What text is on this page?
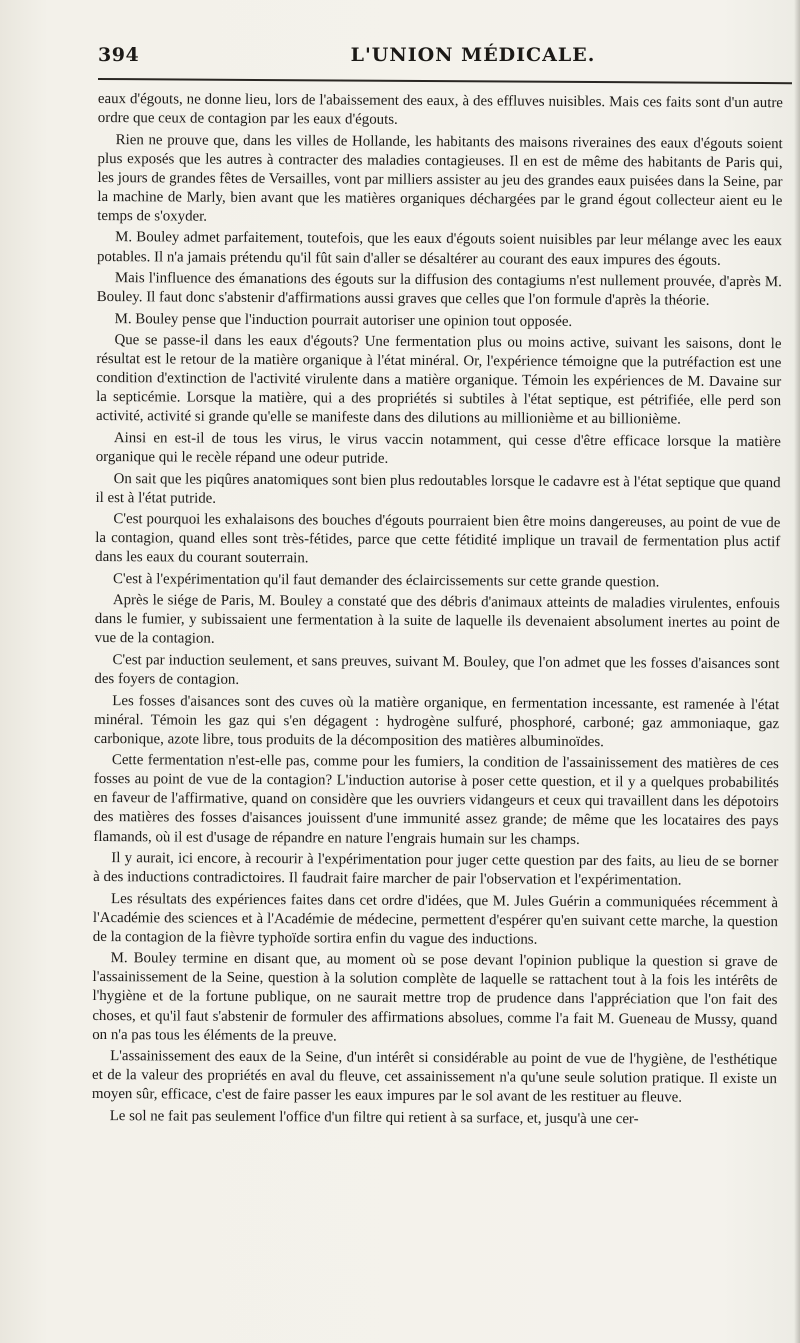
394	L'UNION MÉDICALE.

eaux d'égouts, ne donne lieu, lors de l'abaissement des eaux, à des effluves nuisibles. Mais ces faits sont d'un autre ordre que ceux de contagion par les eaux d'égouts.

Rien ne prouve que, dans les villes de Hollande, les habitants des maisons riveraines des eaux d'égouts soient plus exposés que les autres à contracter des maladies contagieuses. Il en est de même des habitants de Paris qui, les jours de grandes fêtes de Versailles, vont par milliers assister au jeu des grandes eaux puisées dans la Seine, par la machine de Marly, bien avant que les matières organiques déchargées par le grand égout collecteur aient eu le temps de s'oxyder.

M. Bouley admet parfaitement, toutefois, que les eaux d'égouts soient nuisibles par leur mélange avec les eaux potables. Il n'a jamais prétendu qu'il fût sain d'aller se désaltérer au courant des eaux impures des égouts.

Mais l'influence des émanations des égouts sur la diffusion des contagiums n'est nullement prouvée, d'après M. Bouley. Il faut donc s'abstenir d'affirmations aussi graves que celles que l'on formule d'après la théorie.

M. Bouley pense que l'induction pourrait autoriser une opinion tout opposée.

Que se passe-il dans les eaux d'égouts? Une fermentation plus ou moins active, suivant les saisons, dont le résultat est le retour de la matière organique à l'état minéral. Or, l'expérience témoigne que la putréfaction est une condition d'extinction de l'activité virulente dans a matière organique. Témoin les expériences de M. Davaine sur la septicémie. Lorsque la matière, qui a des propriétés si subtiles à l'état septique, est pétrifiée, elle perd son activité, activité si grande qu'elle se manifeste dans des dilutions au millionième et au billionième.

Ainsi en est-il de tous les virus, le virus vaccin notamment, qui cesse d'être efficace lorsque la matière organique qui le recèle répand une odeur putride.

On sait que les piqûres anatomiques sont bien plus redoutables lorsque le cadavre est à l'état septique que quand il est à l'état putride.

C'est pourquoi les exhalaisons des bouches d'égouts pourraient bien être moins dangereuses, au point de vue de la contagion, quand elles sont très-fétides, parce que cette fétidité implique un travail de fermentation plus actif dans les eaux du courant souterrain.

C'est à l'expérimentation qu'il faut demander des éclaircissements sur cette grande question.

Après le siége de Paris, M. Bouley a constaté que des débris d'animaux atteints de maladies virulentes, enfouis dans le fumier, y subissaient une fermentation à la suite de laquelle ils devenaient absolument inertes au point de vue de la contagion.

C'est par induction seulement, et sans preuves, suivant M. Bouley, que l'on admet que les fosses d'aisances sont des foyers de contagion.

Les fosses d'aisances sont des cuves où la matière organique, en fermentation incessante, est ramenée à l'état minéral. Témoin les gaz qui s'en dégagent : hydrogène sulfuré, phosphoré, carboné; gaz ammoniaque, gaz carbonique, azote libre, tous produits de la décomposition des matières albuminoïdes.

Cette fermentation n'est-elle pas, comme pour les fumiers, la condition de l'assainissement des matières de ces fosses au point de vue de la contagion? L'induction autorise à poser cette question, et il y a quelques probabilités en faveur de l'affirmative, quand on considère que les ouvriers vidangeurs et ceux qui travaillent dans les dépotoirs des matières des fosses d'aisances jouissent d'une immunité assez grande; de même que les locataires des pays flamands, où il est d'usage de répandre en nature l'engrais humain sur les champs.

Il y aurait, ici encore, à recourir à l'expérimentation pour juger cette question par des faits, au lieu de se borner à des inductions contradictoires. Il faudrait faire marcher de pair l'observation et l'expérimentation.

Les résultats des expériences faites dans cet ordre d'idées, que M. Jules Guérin a communiquées récemment à l'Académie des sciences et à l'Académie de médecine, permettent d'espérer qu'en suivant cette marche, la question de la contagion de la fièvre typhoïde sortira enfin du vague des inductions.

M. Bouley termine en disant que, au moment où se pose devant l'opinion publique la question si grave de l'assainissement de la Seine, question à la solution complète de laquelle se rattachent tout à la fois les intérêts de l'hygiène et de la fortune publique, on ne saurait mettre trop de prudence dans l'appréciation que l'on fait des choses, et qu'il faut s'abstenir de formuler des affirmations absolues, comme l'a fait M. Gueneau de Mussy, quand on n'a pas tous les éléments de la preuve.

L'assainissement des eaux de la Seine, d'un intérêt si considérable au point de vue de l'hygiène, de l'esthétique et de la valeur des propriétés en aval du fleuve, cet assainissement n'a qu'une seule solution pratique. Il existe un moyen sûr, efficace, c'est de faire passer les eaux impures par le sol avant de les restituer au fleuve.

Le sol ne fait pas seulement l'office d'un filtre qui retient à sa surface, et, jusqu'à une cer-
